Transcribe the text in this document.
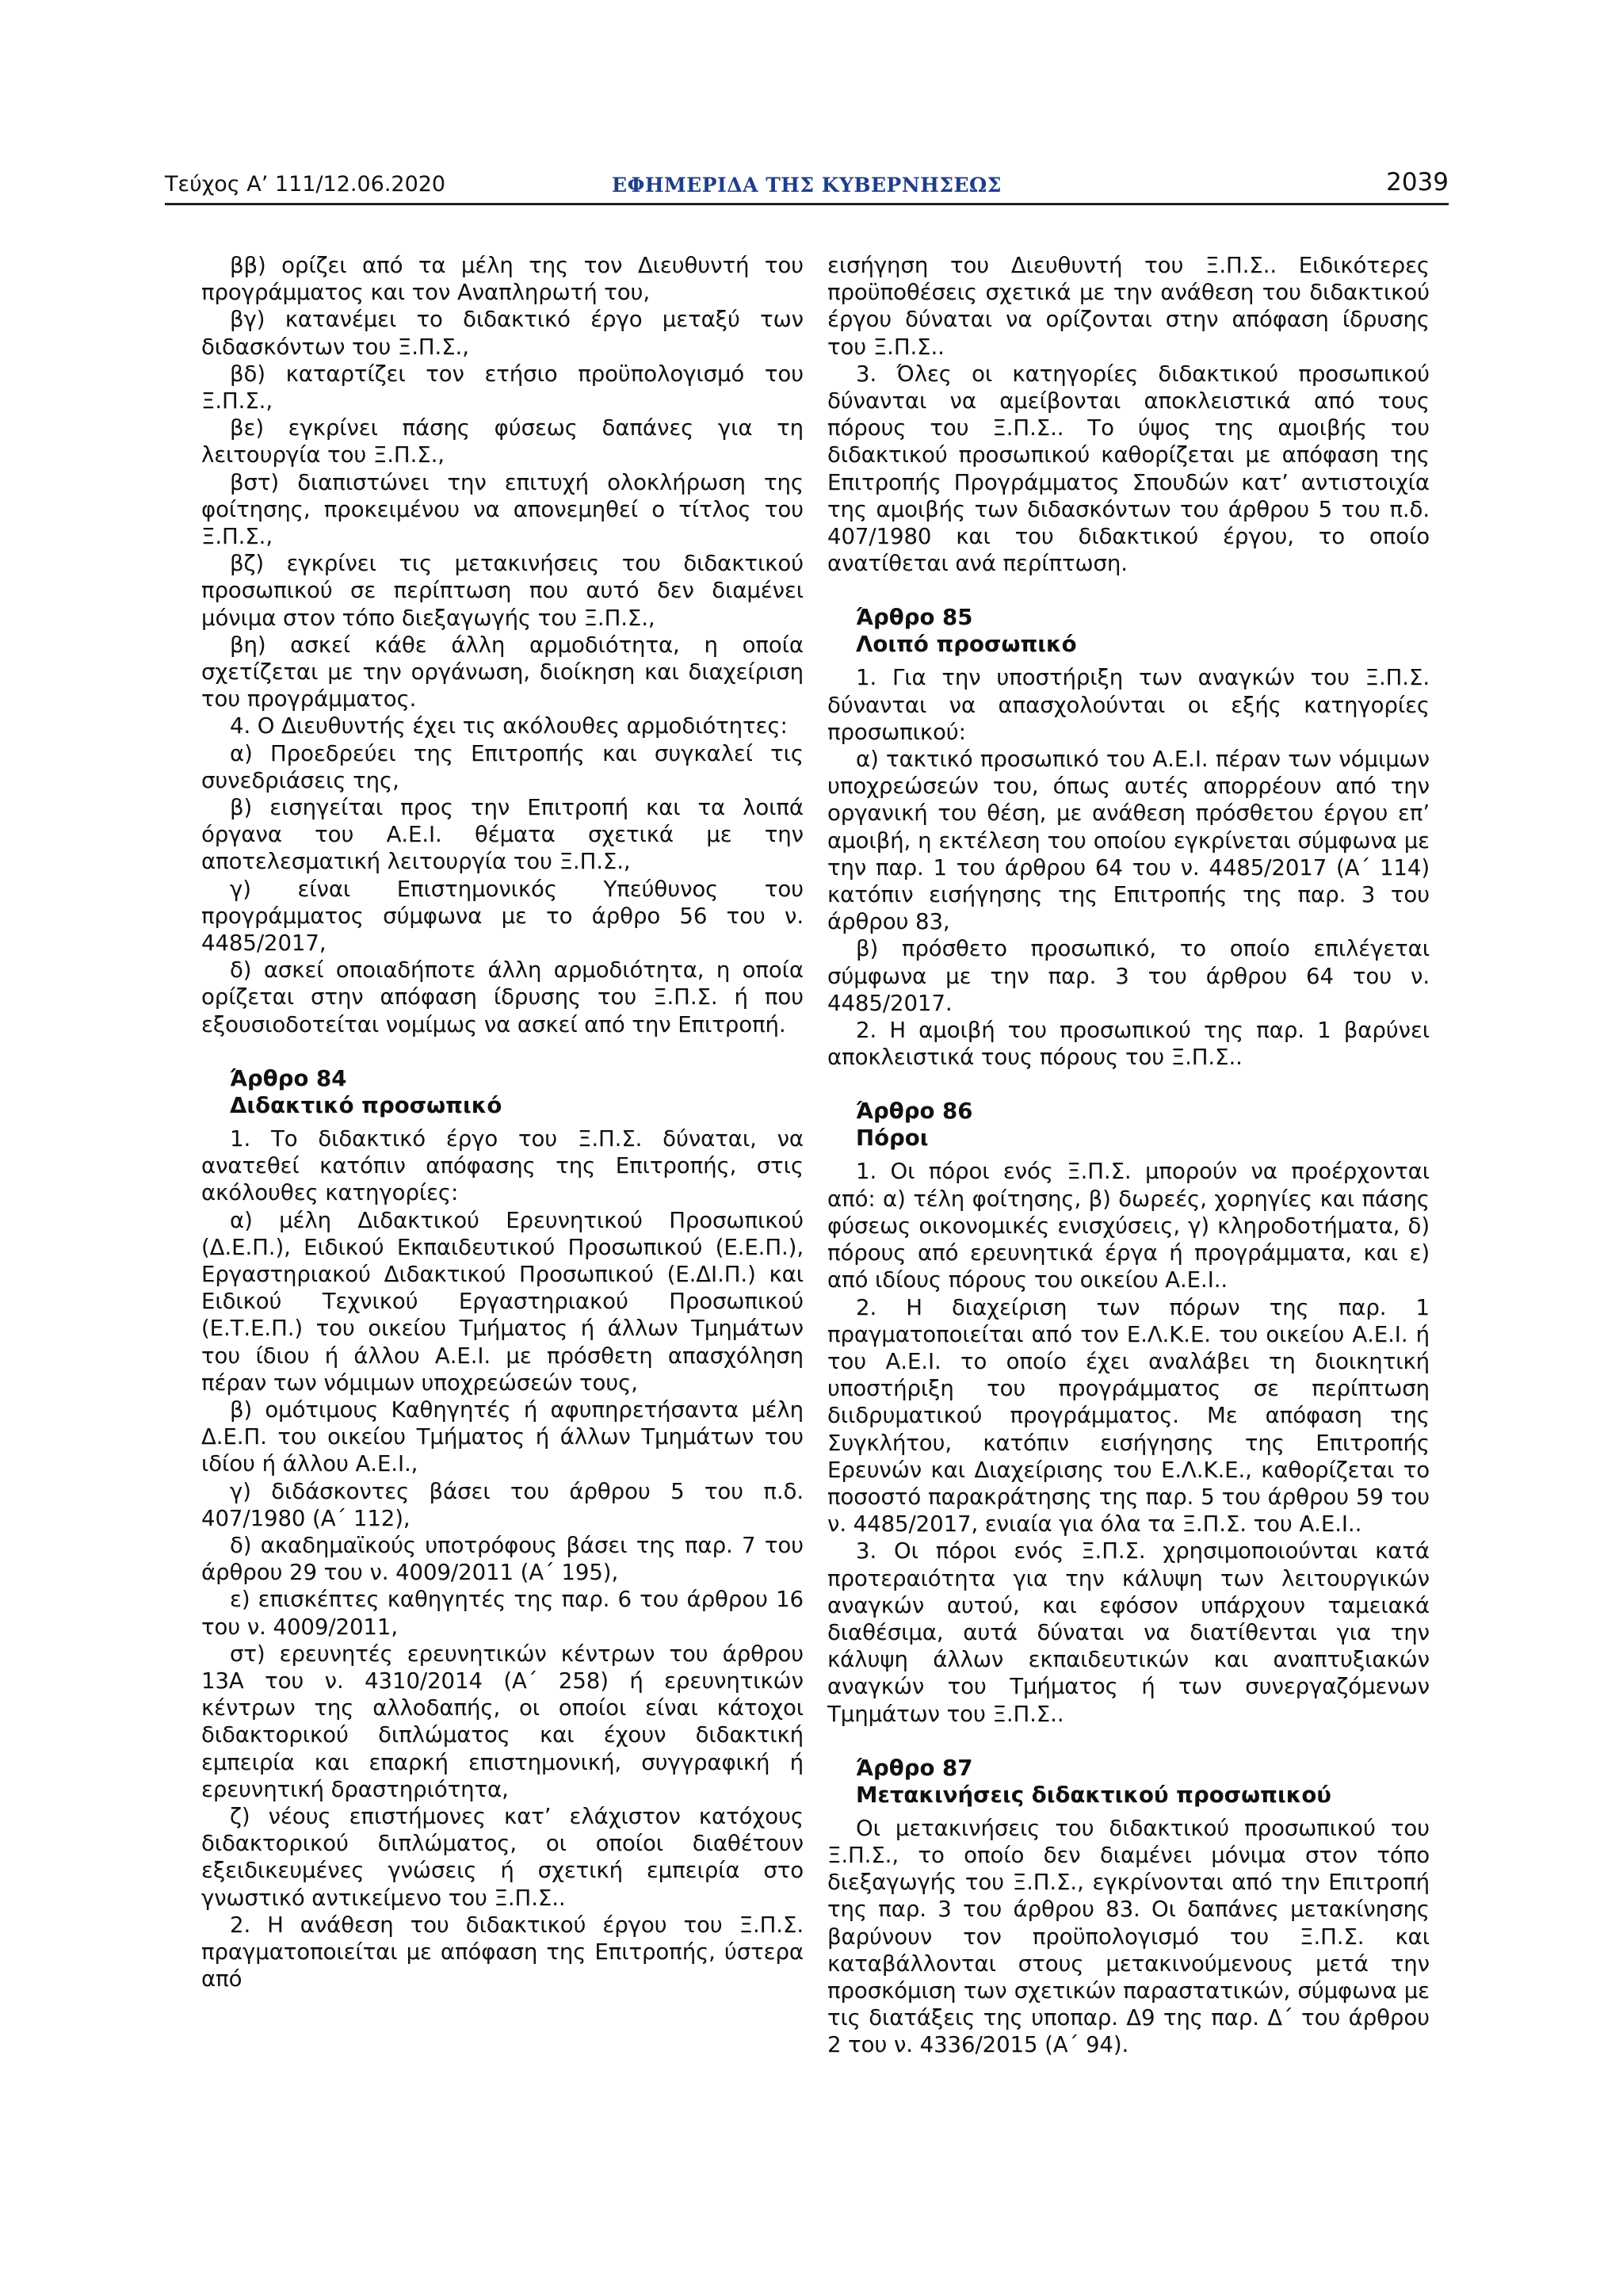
Τεύχος Α’ 111/12.06.2020	ΕΦΗΜΕΡΙΔΑ ΤΗΣ ΚΥΒΕΡΝΗΣΕΩΣ	2039

ββ) ορίζει από τα μέλη της τον Διευθυντή του προγράμματος και τον Αναπληρωτή του,

βγ) κατανέμει το διδακτικό έργο μεταξύ των διδασκόντων του Ξ.Π.Σ.,

βδ) καταρτίζει τον ετήσιο προϋπολογισμό του Ξ.Π.Σ.,

βε) εγκρίνει πάσης φύσεως δαπάνες για τη λειτουργία του Ξ.Π.Σ.,

βστ) διαπιστώνει την επιτυχή ολοκλήρωση της φοίτησης, προκειμένου να απονεμηθεί ο τίτλος του Ξ.Π.Σ.,

βζ) εγκρίνει τις μετακινήσεις του διδακτικού προσωπικού σε περίπτωση που αυτό δεν διαμένει μόνιμα στον τόπο διεξαγωγής του Ξ.Π.Σ.,

βη) ασκεί κάθε άλλη αρμοδιότητα, η οποία σχετίζεται με την οργάνωση, διοίκηση και διαχείριση του προγράμματος.

4. Ο Διευθυντής έχει τις ακόλουθες αρμοδιότητες:

α) Προεδρεύει της Επιτροπής και συγκαλεί τις συνεδριάσεις της,

β) εισηγείται προς την Επιτροπή και τα λοιπά όργανα του Α.Ε.Ι. θέματα σχετικά με την αποτελεσματική λειτουργία του Ξ.Π.Σ.,

γ) είναι Επιστημονικός Υπεύθυνος του προγράμματος σύμφωνα με το άρθρο 56 του ν. 4485/2017,

δ) ασκεί οποιαδήποτε άλλη αρμοδιότητα, η οποία ορίζεται στην απόφαση ίδρυσης του Ξ.Π.Σ. ή που εξουσιοδοτείται νομίμως να ασκεί από την Επιτροπή.

Άρθρο 84
Διδακτικό προσωπικό

1. Το διδακτικό έργο του Ξ.Π.Σ. δύναται, να ανατεθεί κατόπιν απόφασης της Επιτροπής, στις ακόλουθες κατηγορίες:

α) μέλη Διδακτικού Ερευνητικού Προσωπικού (Δ.Ε.Π.), Ειδικού Εκπαιδευτικού Προσωπικού (Ε.Ε.Π.), Εργαστηριακού Διδακτικού Προσωπικού (Ε.ΔΙ.Π.) και Ειδικού Τεχνικού Εργαστηριακού Προσωπικού (Ε.Τ.Ε.Π.) του οικείου Τμήματος ή άλλων Τμημάτων του ίδιου ή άλλου Α.Ε.Ι. με πρόσθετη απασχόληση πέραν των νόμιμων υποχρεώσεών τους,

β) ομότιμους Καθηγητές ή αφυπηρετήσαντα μέλη Δ.Ε.Π. του οικείου Τμήματος ή άλλων Τμημάτων του ιδίου ή άλλου Α.Ε.Ι.,

γ) διδάσκοντες βάσει του άρθρου 5 του π.δ. 407/1980 (Α΄ 112),

δ) ακαδημαϊκούς υποτρόφους βάσει της παρ. 7 του άρθρου 29 του ν. 4009/2011 (Α΄ 195),

ε) επισκέπτες καθηγητές της παρ. 6 του άρθρου 16 του ν. 4009/2011,

στ) ερευνητές ερευνητικών κέντρων του άρθρου 13Α του ν. 4310/2014 (Α΄ 258) ή ερευνητικών κέντρων της αλλοδαπής, οι οποίοι είναι κάτοχοι διδακτορικού διπλώματος και έχουν διδακτική εμπειρία και επαρκή επιστημονική, συγγραφική ή ερευνητική δραστηριότητα,

ζ) νέους επιστήμονες κατ’ ελάχιστον κατόχους διδακτορικού διπλώματος, οι οποίοι διαθέτουν εξειδικευμένες γνώσεις ή σχετική εμπειρία στο γνωστικό αντικείμενο του Ξ.Π.Σ..

2. Η ανάθεση του διδακτικού έργου του Ξ.Π.Σ. πραγματοποιείται με απόφαση της Επιτροπής, ύστερα από

εισήγηση του Διευθυντή του Ξ.Π.Σ.. Ειδικότερες προϋποθέσεις σχετικά με την ανάθεση του διδακτικού έργου δύναται να ορίζονται στην απόφαση ίδρυσης του Ξ.Π.Σ..

3. Όλες οι κατηγορίες διδακτικού προσωπικού δύνανται να αμείβονται αποκλειστικά από τους πόρους του Ξ.Π.Σ.. Το ύψος της αμοιβής του διδακτικού προσωπικού καθορίζεται με απόφαση της Επιτροπής Προγράμματος Σπουδών κατ’ αντιστοιχία της αμοιβής των διδασκόντων του άρθρου 5 του π.δ. 407/1980 και του διδακτικού έργου, το οποίο ανατίθεται ανά περίπτωση.

Άρθρο 85
Λοιπό προσωπικό

1. Για την υποστήριξη των αναγκών του Ξ.Π.Σ. δύνανται να απασχολούνται οι εξής κατηγορίες προσωπικού:

α) τακτικό προσωπικό του Α.Ε.Ι. πέραν των νόμιμων υποχρεώσεών του, όπως αυτές απορρέουν από την οργανική του θέση, με ανάθεση πρόσθετου έργου επ’ αμοιβή, η εκτέλεση του οποίου εγκρίνεται σύμφωνα με την παρ. 1 του άρθρου 64 του ν. 4485/2017 (Α΄ 114) κατόπιν εισήγησης της Επιτροπής της παρ. 3 του άρθρου 83,

β) πρόσθετο προσωπικό, το οποίο επιλέγεται σύμφωνα με την παρ. 3 του άρθρου 64 του ν. 4485/2017.

2. Η αμοιβή του προσωπικού της παρ. 1 βαρύνει αποκλειστικά τους πόρους του Ξ.Π.Σ..

Άρθρο 86
Πόροι

1. Οι πόροι ενός Ξ.Π.Σ. μπορούν να προέρχονται από: α) τέλη φοίτησης, β) δωρεές, χορηγίες και πάσης φύσεως οικονομικές ενισχύσεις, γ) κληροδοτήματα, δ) πόρους από ερευνητικά έργα ή προγράμματα, και ε) από ιδίους πόρους του οικείου Α.Ε.Ι..

2. Η διαχείριση των πόρων της παρ. 1 πραγματοποιείται από τον Ε.Λ.Κ.Ε. του οικείου Α.Ε.Ι. ή του Α.Ε.Ι. το οποίο έχει αναλάβει τη διοικητική υποστήριξη του προγράμματος σε περίπτωση διιδρυματικού προγράμματος. Με απόφαση της Συγκλήτου, κατόπιν εισήγησης της Επιτροπής Ερευνών και Διαχείρισης του Ε.Λ.Κ.Ε., καθορίζεται το ποσοστό παρακράτησης της παρ. 5 του άρθρου 59 του ν. 4485/2017, ενιαία για όλα τα Ξ.Π.Σ. του Α.Ε.Ι..

3. Οι πόροι ενός Ξ.Π.Σ. χρησιμοποιούνται κατά προτεραιότητα για την κάλυψη των λειτουργικών αναγκών αυτού, και εφόσον υπάρχουν ταμειακά διαθέσιμα, αυτά δύναται να διατίθενται για την κάλυψη άλλων εκπαιδευτικών και αναπτυξιακών αναγκών του Τμήματος ή των συνεργαζόμενων Τμημάτων του Ξ.Π.Σ..

Άρθρο 87
Μετακινήσεις διδακτικού προσωπικού

Οι μετακινήσεις του διδακτικού προσωπικού του Ξ.Π.Σ., το οποίο δεν διαμένει μόνιμα στον τόπο διεξαγωγής του Ξ.Π.Σ., εγκρίνονται από την Επιτροπή της παρ. 3 του άρθρου 83. Οι δαπάνες μετακίνησης βαρύνουν τον προϋπολογισμό του Ξ.Π.Σ. και καταβάλλονται στους μετακινούμενους μετά την προσκόμιση των σχετικών παραστατικών, σύμφωνα με τις διατάξεις της υποπαρ. Δ9 της παρ. Δ΄ του άρθρου 2 του ν. 4336/2015 (Α΄ 94).
